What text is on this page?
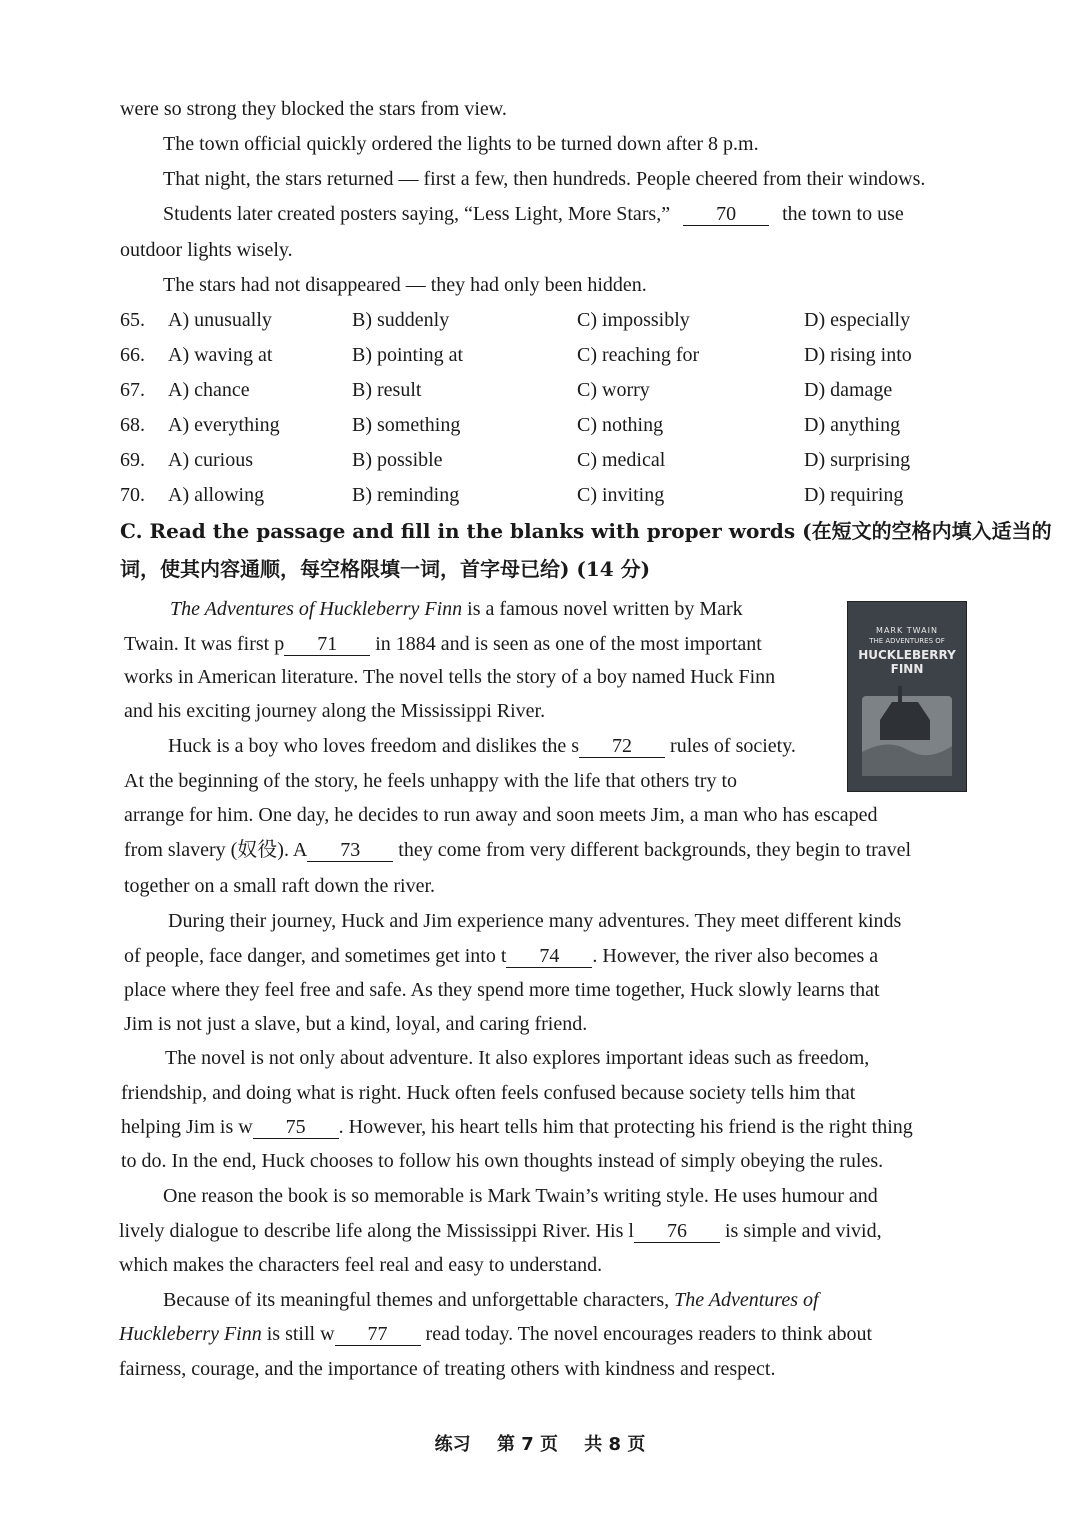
were so strong they blocked the stars from view.
The town official quickly ordered the lights to be turned down after 8 p.m.
That night, the stars returned — first a few, then hundreds. People cheered from their windows.
Students later created posters saying, “Less Light, More Stars,” 70 the town to use
outdoor lights wisely.
The stars had not disappeared — they had only been hidden.
65. A) unusually	B) suddenly	C) impossibly	D) especially
66. A) waving at	B) pointing at	C) reaching for	D) rising into
67. A) chance	B) result	C) worry	D) damage
68. A) everything	B) something	C) nothing	D) anything
69. A) curious	B) possible	C) medical	D) surprising
70. A) allowing	B) reminding	C) inviting	D) requiring
C. Read the passage and fill in the blanks with proper words (在短文的空格内填入适当的
词，使其内容通顺，每空格限填一词，首字母已给) (14 分)
MARK TWAIN
THE ADVENTURES OF
HUCKLEBERRY
FINN
The Adventures of Huckleberry Finn is a famous novel written by Mark
Twain. It was first p 71 in 1884 and is seen as one of the most important
works in American literature. The novel tells the story of a boy named Huck Finn
and his exciting journey along the Mississippi River.
Huck is a boy who loves freedom and dislikes the s 72 rules of society.
At the beginning of the story, he feels unhappy with the life that others try to
arrange for him. One day, he decides to run away and soon meets Jim, a man who has escaped
from slavery (奴役). A 73 they come from very different backgrounds, they begin to travel
together on a small raft down the river.
During their journey, Huck and Jim experience many adventures. They meet different kinds
of people, face danger, and sometimes get into t 74 . However, the river also becomes a
place where they feel free and safe. As they spend more time together, Huck slowly learns that
Jim is not just a slave, but a kind, loyal, and caring friend.
The novel is not only about adventure. It also explores important ideas such as freedom,
friendship, and doing what is right. Huck often feels confused because society tells him that
helping Jim is w 75 . However, his heart tells him that protecting his friend is the right thing
to do. In the end, Huck chooses to follow his own thoughts instead of simply obeying the rules.
One reason the book is so memorable is Mark Twain’s writing style. He uses humour and
lively dialogue to describe life along the Mississippi River. His l 76 is simple and vivid,
which makes the characters feel real and easy to understand.
Because of its meaningful themes and unforgettable characters, The Adventures of
Huckleberry Finn is still w 77 read today. The novel encourages readers to think about
fairness, courage, and the importance of treating others with kindness and respect.
练习 第 7 页 共 8 页
